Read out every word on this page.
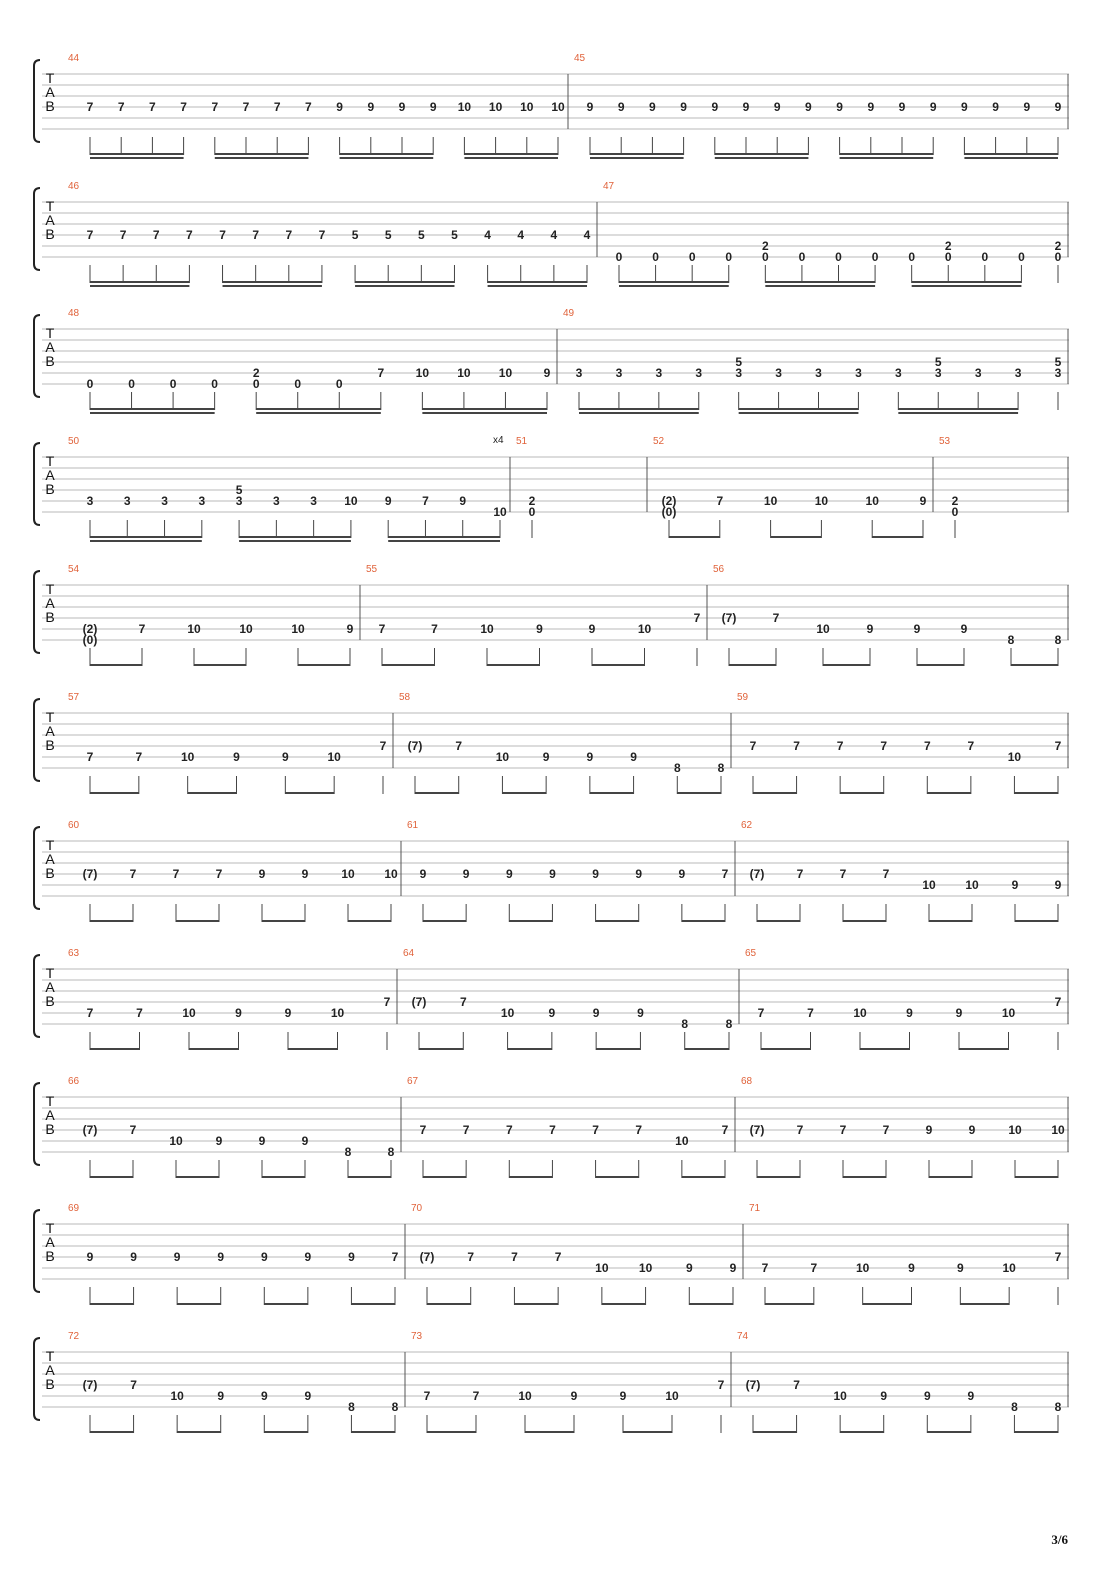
T
A
B
44
7 7 7 7 7 7 7 7 9 9 9 9 10 10 10 10
45
9 9 9 9 9 9 9 9 9 9 9 9 9 9 9 9
T
A
B
46
7 7 7 7 7 7 7 7 5 5 5 5 4 4 4 4
47
0 0 0 0 0
2
0 0 0 0 0
2
0 0 0
2
T
A
B
48
0	0	0	0	0
2
0	0
7	10 10 10	9
49
3	3	3	3	3
5
3	3	3	3	3
5
3	3	3
5
T
A
B
50
3	3	3	3	3
5
3	3 10 9	7	9
10
51
2
0
52
(2)
(0)
7	10	10	10	9
53
2
0
T
A
B
54
(2)
(0)
7	10	10	10	9
55
7	7	10	9	9	10
7
56
(7)	7
10	9	9	9
8	8
T
A
B
57
7	7	10	9	9	10
7
58
(7)	7
10	9	9	9
8	8
59
7	7	7	7	7	7
10
7
T
A
B
60
(7)	7	7	7	9	9	10 10
61
9	9	9	9	9	9	9	7
62
(7)	7	7	7
10 10	9	9
T
A
B
63
7	7	10	9	9	10
7
64
(7)	7
10	9	9	9
8	8
65
7	7	10	9	9	10
7
T
A
B
66
(7)	7
10	9	9	9
8	8
67
7	7	7	7	7	7
10
7
68
(7)	7	7	7	9	9	10 10
T
A
B
69
9	9	9	9	9	9	9	7
70
(7)	7	7	7
10	10	9	9
71
7	7	10	9	9	10
7
T
A
B
72
(7)	7
10	9	9	9
8	8
73
7	7	10	9	9	10
7
74
(7)	7
10	9	9	9
8	8
x4
3/6
